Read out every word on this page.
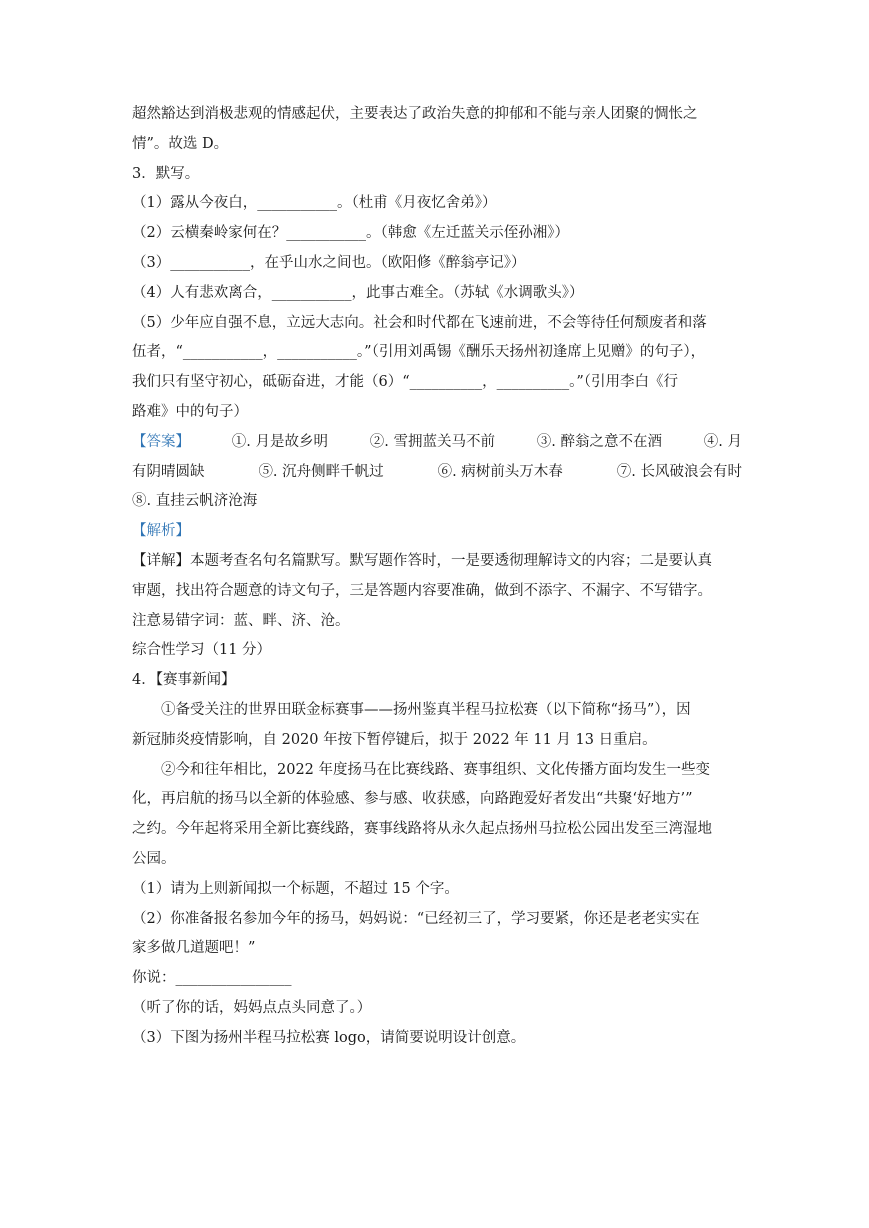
超然豁达到消极悲观的情感起伏，主要表达了政治失意的抑郁和不能与亲人团聚的惆怅之
情”。故选 D。
3．默写。
（1）露从今夜白，___________。（杜甫《月夜忆舍弟》）
（2）云横秦岭家何在？___________。（韩愈《左迁蓝关示侄孙湘》）
（3）___________，在乎山水之间也。（欧阳修《醉翁亭记》）
（4）人有悲欢离合，___________，此事古难全。（苏轼《水调歌头》）
（5）少年应自强不息，立远大志向。社会和时代都在飞速前进，不会等待任何颓废者和落
伍者，“___________，___________。”（引用刘禹锡《酬乐天扬州初逢席上见赠》的句子），
我们只有坚守初心，砥砺奋进，才能（6）“__________，__________。”（引用李白《行
路难》中的句子）
【答案】	①. 月是故乡明	②. 雪拥蓝关马不前	③. 醉翁之意不在酒	④. 月
有阴晴圆缺	⑤. 沉舟侧畔千帆过	⑥. 病树前头万木春	⑦. 长风破浪会有时
⑧. 直挂云帆济沧海
【解析】
【详解】本题考查名句名篇默写。默写题作答时，一是要透彻理解诗文的内容；二是要认真
审题，找出符合题意的诗文句子，三是答题内容要准确，做到不添字、不漏字、不写错字。
注意易错字词：蓝、畔、济、沧。
综合性学习（11 分）
4．【赛事新闻】
①备受关注的世界田联金标赛事——扬州鉴真半程马拉松赛（以下简称“扬马”），因
新冠肺炎疫情影响，自 2020 年按下暂停键后，拟于 2022 年 11 月 13 日重启。
②今和往年相比，2022 年度扬马在比赛线路、赛事组织、文化传播方面均发生一些变
化，再启航的扬马以全新的体验感、参与感、收获感，向路跑爱好者发出“共聚‘好地方’”
之约。今年起将采用全新比赛线路，赛事线路将从永久起点扬州马拉松公园出发至三湾湿地
公园。
（1）请为上则新闻拟一个标题，不超过 15 个字。
（2）你准备报名参加今年的扬马，妈妈说：“已经初三了，学习要紧，你还是老老实实在
家多做几道题吧！”
你说：________________
（听了你的话，妈妈点点头同意了。）
（3）下图为扬州半程马拉松赛 logo，请简要说明设计创意。
